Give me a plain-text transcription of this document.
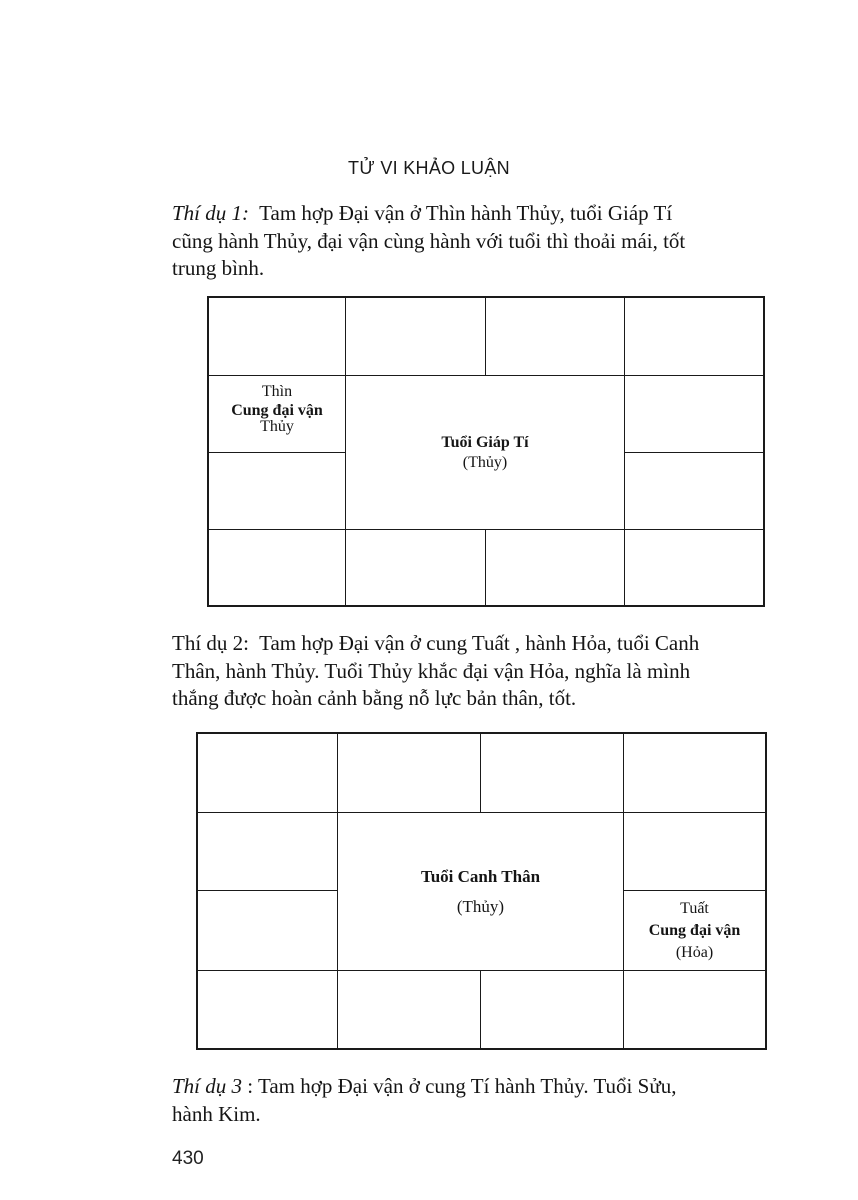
TỬ VI KHẢO LUẬN
Thí dụ 1: Tam hợp Đại vận ở Thìn hành Thủy, tuổi Giáp Tí
cũng hành Thủy, đại vận cùng hành với tuổi thì thoải mái, tốt
trung bình.
Thìn
Cung đại vận
Thủy
Tuổi Giáp Tí
(Thủy)
Thí dụ 2: Tam hợp Đại vận ở cung Tuất , hành Hỏa, tuổi Canh
Thân, hành Thủy. Tuổi Thủy khắc đại vận Hỏa, nghĩa là mình
thắng được hoàn cảnh bằng nỗ lực bản thân, tốt.
Tuổi Canh Thân
(Thủy)	Tuất
Cung đại vận
(Hỏa)
Thí dụ 3 : Tam hợp Đại vận ở cung Tí hành Thủy. Tuổi Sửu,
hành Kim.
430
